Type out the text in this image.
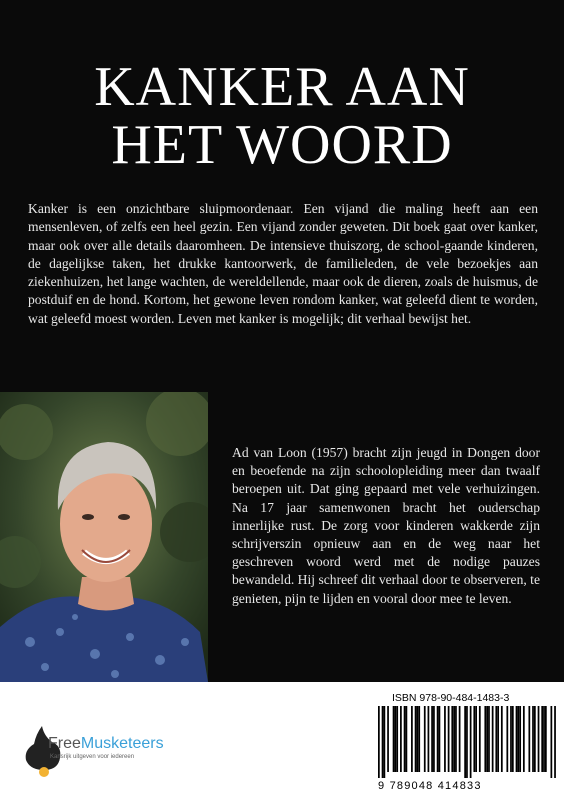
KANKER AAN
HET WOORD

Kanker is een onzichtbare sluipmoordenaar. Een vijand die maling heeft aan een mensenleven, of zelfs een heel gezin. Een vijand zonder geweten. Dit boek gaat over kanker, maar ook over alle details daaromheen. De intensieve thuiszorg, de school-gaande kinderen, de dagelijkse taken, het drukke kantoorwerk, de familieleden, de vele bezoekjes aan ziekenhuizen, het lange wachten, de wereldellende, maar ook de dieren, zoals de huismus, de postduif en de hond. Kortom, het gewone leven rondom kanker, wat geleefd dient te worden, wat geleefd moest worden. Leven met kanker is mogelijk; dit verhaal bewijst het.

Ad van Loon (1957) bracht zijn jeugd in Dongen door en beoefende na zijn schoolopleiding meer dan twaalf beroepen uit. Dat ging gepaard met vele verhuizingen. Na 17 jaar samenwonen bracht het ouderschap innerlijke rust. De zorg voor kinderen wakkerde zijn schrijverszin opnieuw aan en de weg naar het geschreven woord werd met de nodige pauzes bewandeld. Hij schreef dit verhaal door te observeren, te genieten, pijn te lijden en vooral door mee te leven.

FreeMusketeers
Kansrijk uitgeven voor iedereen
ISBN 978-90-484-1483-3
9 789048 414833
